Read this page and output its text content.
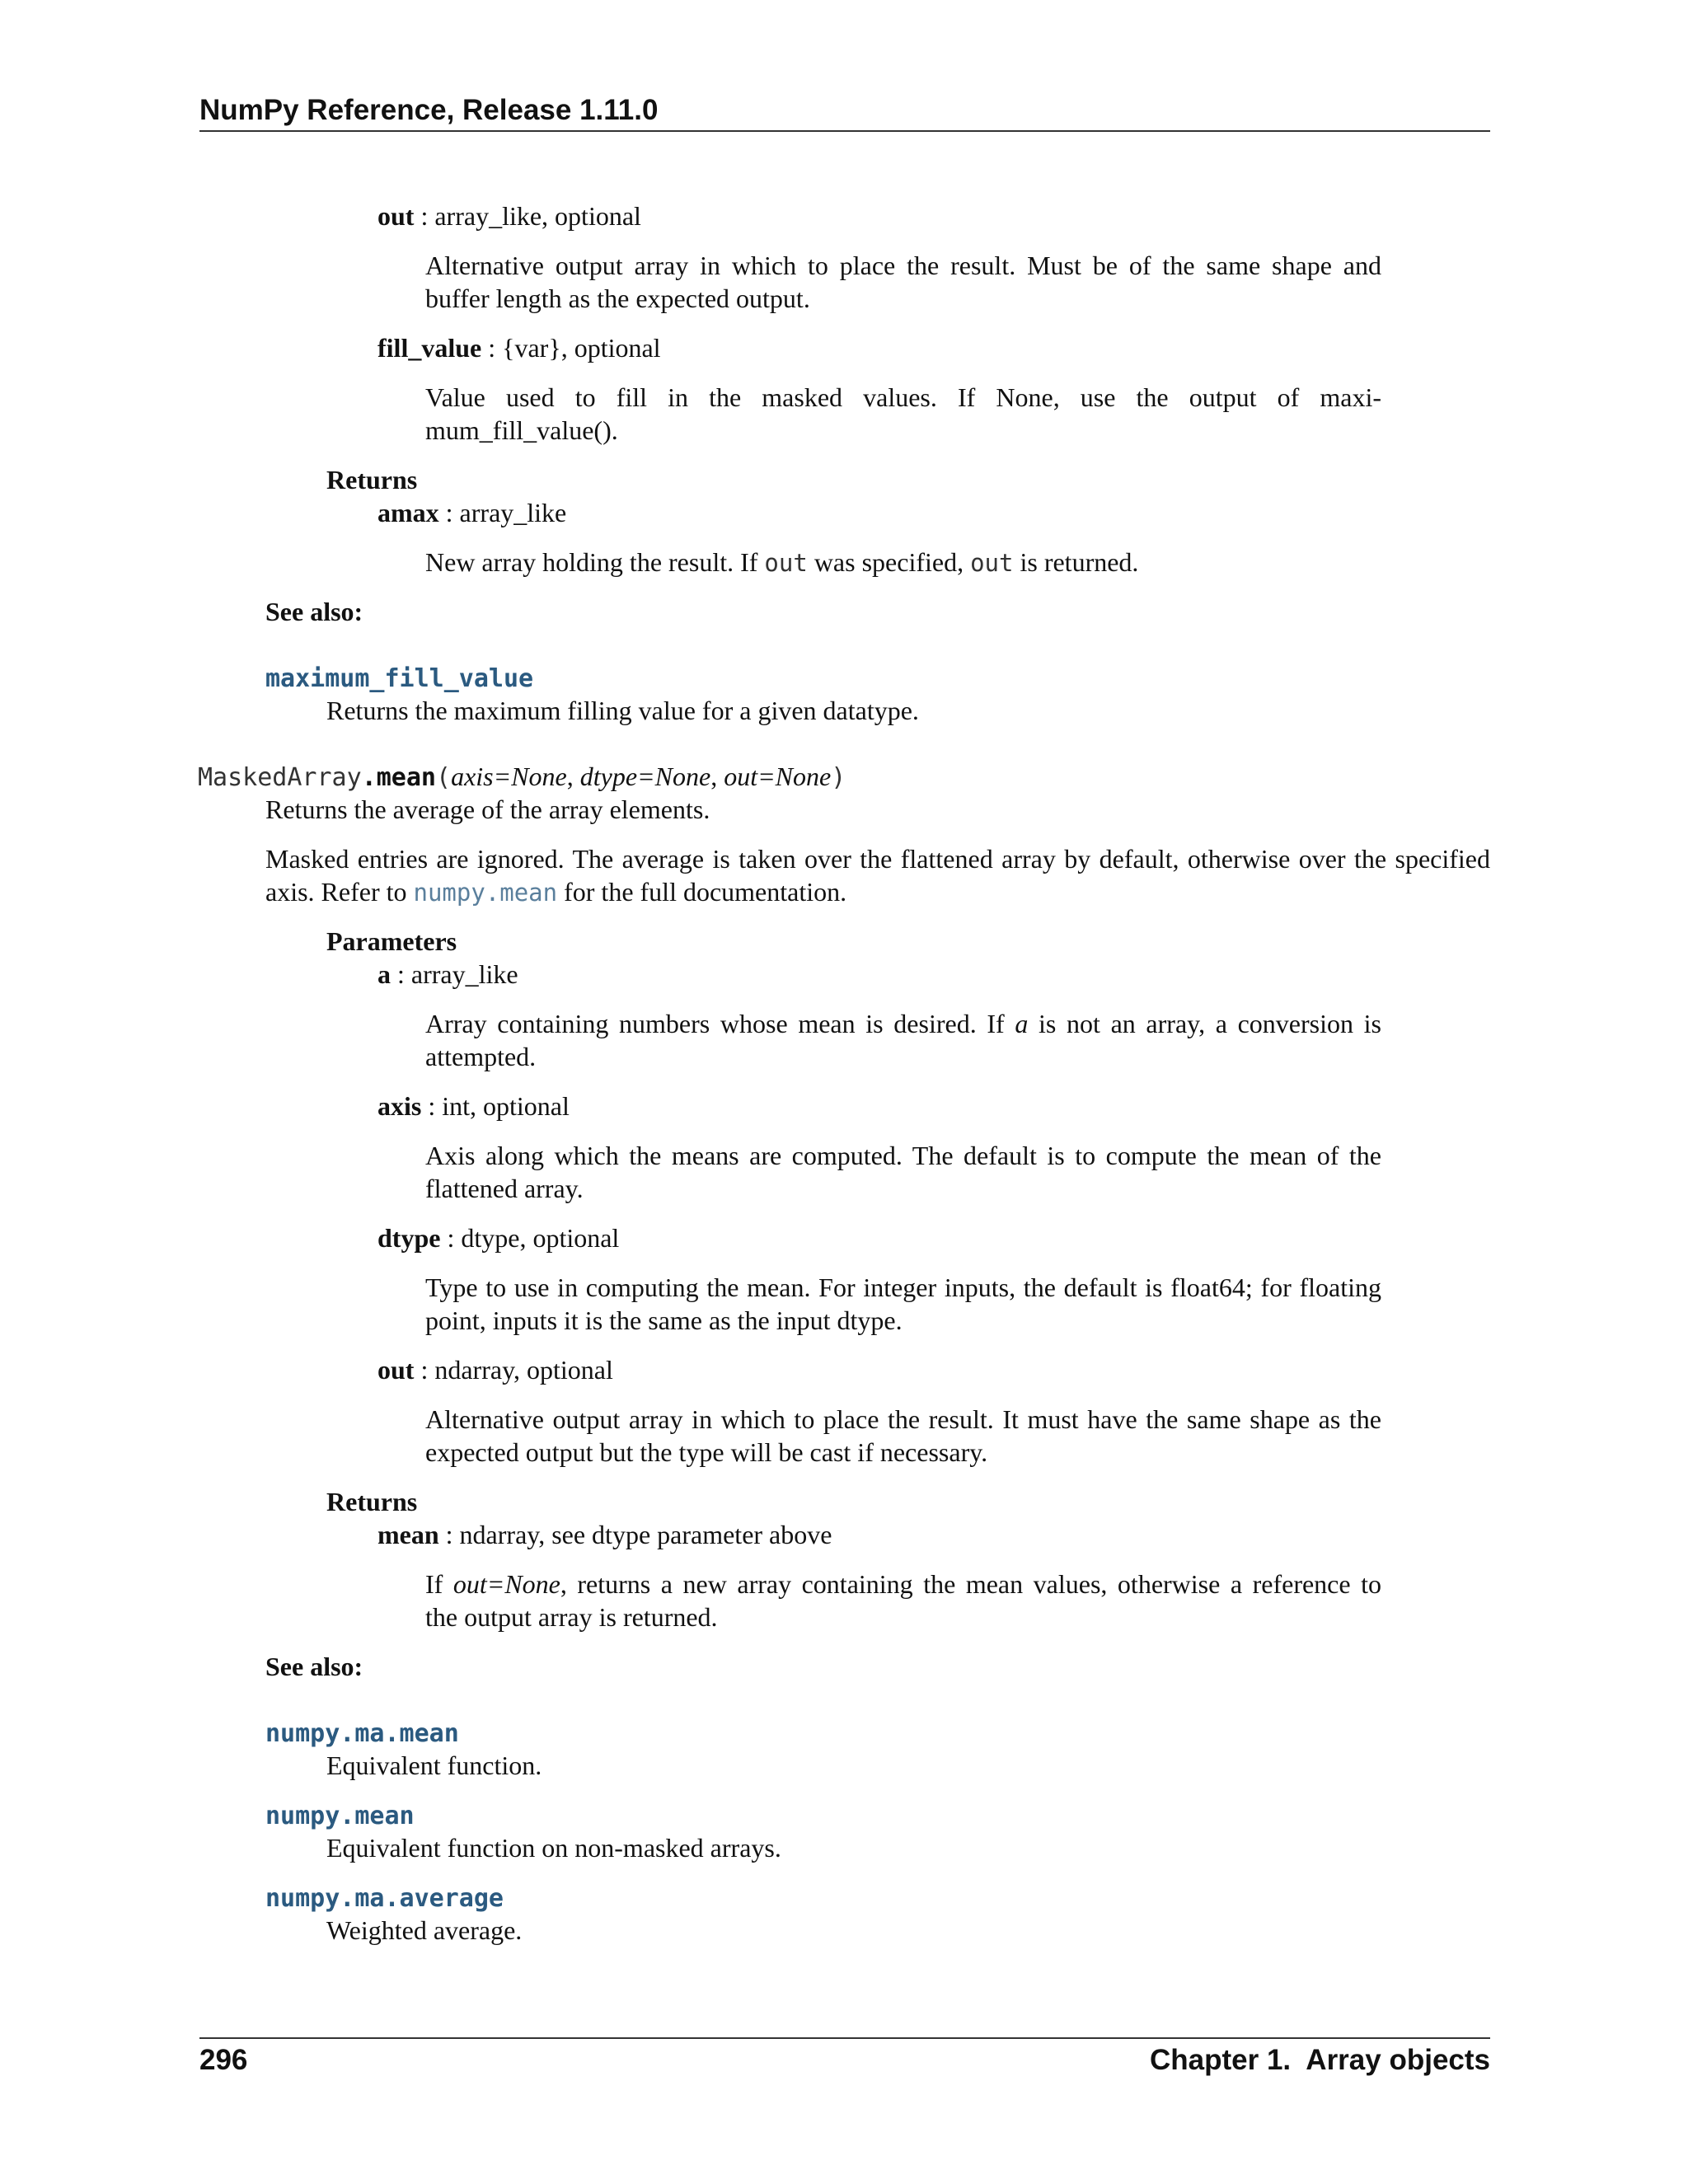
NumPy Reference, Release 1.11.0
out : array_like, optional
Alternative output array in which to place the result. Must be of the same shape and
buffer length as the expected output.
fill_value : {var}, optional
Value used to fill in the masked values. If None, use the output of maxi-
mum_fill_value().
Returns
amax : array_like
New array holding the result. If out was specified, out is returned.
See also:
maximum_fill_value
Returns the maximum filling value for a given datatype.
MaskedArray.mean(axis=None, dtype=None, out=None)
Returns the average of the array elements.
Masked entries are ignored. The average is taken over the flattened array by default, otherwise over the specified
axis. Refer to numpy.mean for the full documentation.
Parameters
a : array_like
Array containing numbers whose mean is desired. If a is not an array, a conversion is
attempted.
axis : int, optional
Axis along which the means are computed. The default is to compute the mean of the
flattened array.
dtype : dtype, optional
Type to use in computing the mean. For integer inputs, the default is float64; for floating
point, inputs it is the same as the input dtype.
out : ndarray, optional
Alternative output array in which to place the result. It must have the same shape as the
expected output but the type will be cast if necessary.
Returns
mean : ndarray, see dtype parameter above
If out=None, returns a new array containing the mean values, otherwise a reference to
the output array is returned.
See also:
numpy.ma.mean
Equivalent function.
numpy.mean
Equivalent function on non-masked arrays.
numpy.ma.average
Weighted average.
296	Chapter 1.  Array objects
